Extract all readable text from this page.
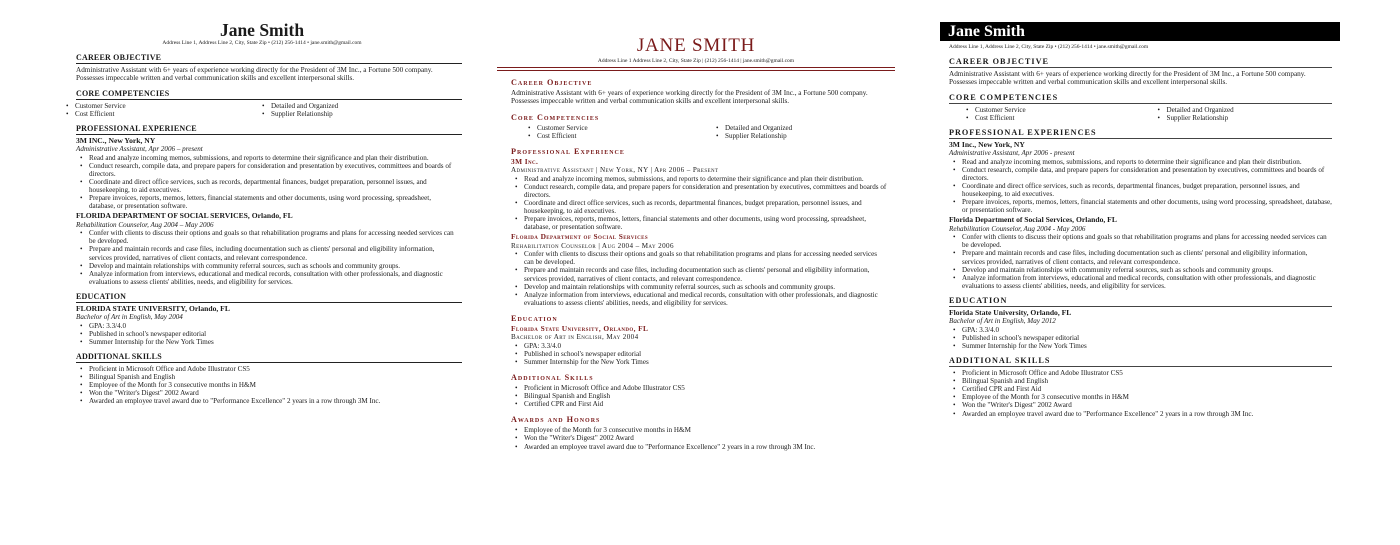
Jane Smith
Address Line 1, Address Line 2, City, State Zip • (212) 256-1414 • jane.smith@gmail.com
CAREER OBJECTIVE
Administrative Assistant with 6+ years of experience working directly for the President of 3M Inc., a Fortune 500 company. Possesses impeccable written and verbal communication skills and excellent interpersonal skills.
CORE COMPETENCIES
• Customer Service
• Cost Efficient
• Detailed and Organized
• Supplier Relationship
PROFESSIONAL EXPERIENCE
3M INC., New York, NY
Administrative Assistant, Apr 2006 – present
• Read and analyze incoming memos, submissions, and reports to determine their significance and plan their distribution.
• Conduct research, compile data, and prepare papers for consideration and presentation by executives, committees and boards of directors.
• Coordinate and direct office services, such as records, departmental finances, budget preparation, personnel issues, and housekeeping, to aid executives.
• Prepare invoices, reports, memos, letters, financial statements and other documents, using word processing, spreadsheet, database, or presentation software.
FLORIDA DEPARTMENT OF SOCIAL SERVICES, Orlando, FL
Rehabilitation Counselor, Aug 2004 – May 2006
• Confer with clients to discuss their options and goals so that rehabilitation programs and plans for accessing needed services can be developed.
• Prepare and maintain records and case files, including documentation such as clients' personal and eligibility information, services provided, narratives of client contacts, and relevant correspondence.
• Develop and maintain relationships with community referral sources, such as schools and community groups.
• Analyze information from interviews, educational and medical records, consultation with other professionals, and diagnostic evaluations to assess clients' abilities, needs, and eligibility for services.
EDUCATION
FLORIDA STATE UNIVERSITY, Orlando, FL
Bachelor of Art in English, May 2004
• GPA: 3.3/4.0
• Published in school's newspaper editorial
• Summer Internship for the New York Times
ADDITIONAL SKILLS
• Proficient in Microsoft Office and Adobe Illustrator CS5
• Bilingual Spanish and English
• Employee of the Month for 3 consecutive months in H&M
• Won the "Writer's Digest" 2002 Award
• Awarded an employee travel award due to "Performance Excellence" 2 years in a row through 3M Inc.
JANE SMITH
Address Line 1 Address Line 2, City, State Zip | (212) 256-1414 | jane.smith@gmail.com
Career Objective
Administrative Assistant with 6+ years of experience working directly for the President of 3M Inc., a Fortune 500 company. Possesses impeccable written and verbal communication skills and excellent interpersonal skills.
Core Competencies
• Customer Service
• Cost Efficient
• Detailed and Organized
• Supplier Relationship
Professional Experience
3M Inc.
Administrative Assistant | New York, NY | Apr 2006 – Present
• Read and analyze incoming memos, submissions, and reports to determine their significance and plan their distribution.
• Conduct research, compile data, and prepare papers for consideration and presentation by executives, committees and boards of directors.
• Coordinate and direct office services, such as records, departmental finances, budget preparation, personnel issues, and housekeeping, to aid executives.
• Prepare invoices, reports, memos, letters, financial statements and other documents, using word processing, spreadsheet, database, or presentation software.
Florida Department of Social Services
Rehabilitation Counselor | Aug 2004 – May 2006
• Confer with clients to discuss their options and goals so that rehabilitation programs and plans for accessing needed services can be developed.
• Prepare and maintain records and case files, including documentation such as clients' personal and eligibility information, services provided, narratives of client contacts, and relevant correspondence.
• Develop and maintain relationships with community referral sources, such as schools and community groups.
• Analyze information from interviews, educational and medical records, consultation with other professionals, and diagnostic evaluations to assess clients' abilities, needs, and eligibility for services.
Education
Florida State University, Orlando, FL
Bachelor of Art in English, May 2004
• GPA: 3.3/4.0
• Published in school's newspaper editorial
• Summer Internship for the New York Times
Additional Skills
• Proficient in Microsoft Office and Adobe Illustrator CS5
• Bilingual Spanish and English
• Certified CPR and First Aid
Awards and Honors
• Employee of the Month for 3 consecutive months in H&M
• Won the "Writer's Digest" 2002 Award
• Awarded an employee travel award due to "Performance Excellence" 2 years in a row through 3M Inc.
Jane Smith
Address Line 1, Address Line 2, City, State Zip • (212) 256-1414 • jane.smith@gmail.com
CAREER OBJECTIVE
Administrative Assistant with 6+ years of experience working directly for the President of 3M Inc., a Fortune 500 company. Possesses impeccable written and verbal communication skills and excellent interpersonal skills.
CORE COMPETENCIES
• Customer Service
• Cost Efficient
• Detailed and Organized
• Supplier Relationship
PROFESSIONAL EXPERIENCES
3M Inc., New York, NY
Administrative Assistant, Apr 2006 - present
• Read and analyze incoming memos, submissions, and reports to determine their significance and plan their distribution.
• Conduct research, compile data, and prepare papers for consideration and presentation by executives, committees and boards of directors.
• Coordinate and direct office services, such as records, departmental finances, budget preparation, personnel issues, and housekeeping, to aid executives.
• Prepare invoices, reports, memos, letters, financial statements and other documents, using word processing, spreadsheet, database, or presentation software.
Florida Department of Social Services, Orlando, FL
Rehabilitation Counselor, Aug 2004 - May 2006
• Confer with clients to discuss their options and goals so that rehabilitation programs and plans for accessing needed services can be developed.
• Prepare and maintain records and case files, including documentation such as clients' personal and eligibility information, services provided, narratives of client contacts, and relevant correspondence.
• Develop and maintain relationships with community referral sources, such as schools and community groups.
• Analyze information from interviews, educational and medical records, consultation with other professionals, and diagnostic evaluations to assess clients' abilities, needs, and eligibility for services.
EDUCATION
Florida State University, Orlando, FL
Bachelor of Art in English, May 2012
• GPA: 3.3/4.0
• Published in school's newspaper editorial
• Summer Internship for the New York Times
ADDITIONAL SKILLS
• Proficient in Microsoft Office and Adobe Illustrator CS5
• Bilingual Spanish and English
• Certified CPR and First Aid
• Employee of the Month for 3 consecutive months in H&M
• Won the "Writer's Digest" 2002 Award
• Awarded an employee travel award due to "Performance Excellence" 2 years in a row through 3M Inc.
